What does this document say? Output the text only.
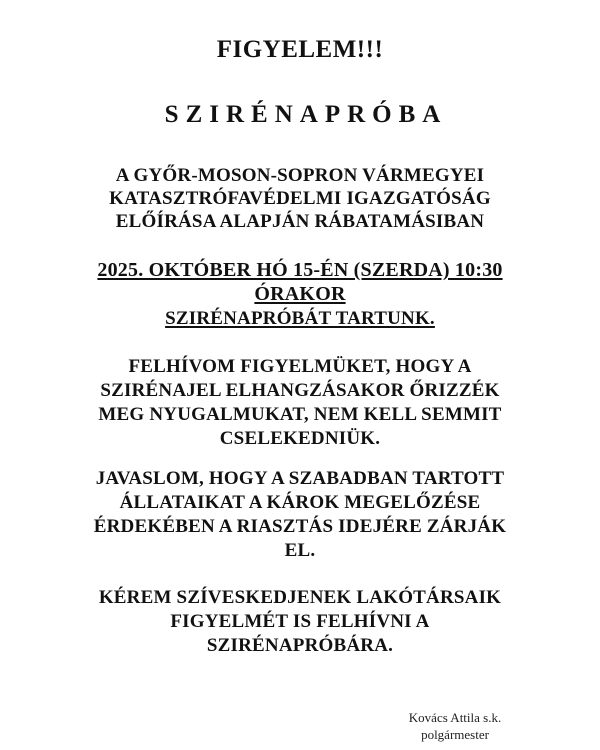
FIGYELEM!!!
SZIRÉNAPRÓBA

A GYŐR-MOSON-SOPRON VÁRMEGYEI

KATASZTRÓFAVÉDELMI IGAZGATÓSÁG

ELŐÍRÁSA ALAPJÁN RÁBATAMÁSIBAN

2025. OKTÓBER HÓ 15-ÉN (SZERDA) 10:30

ÓRAKOR

SZIRÉNAPRÓBÁT TARTUNK.

FELHÍVOM FIGYELMÜKET, HOGY A

SZIRÉNAJEL ELHANGZÁSAKOR ŐRIZZÉK

MEG NYUGALMUKAT, NEM KELL SEMMIT

CSELEKEDNIÜK.

JAVASLOM, HOGY A SZABADBAN TARTOTT

ÁLLATAIKAT A KÁROK MEGELŐZÉSE

ÉRDEKÉBEN A RIASZTÁS IDEJÉRE ZÁRJÁK

EL.

KÉREM SZÍVESKEDJENEK LAKÓTÁRSAIK

FIGYELMÉT IS FELHÍVNI A

SZIRÉNAPRÓBÁRA.

Kovács Attila s.k.
polgármester
